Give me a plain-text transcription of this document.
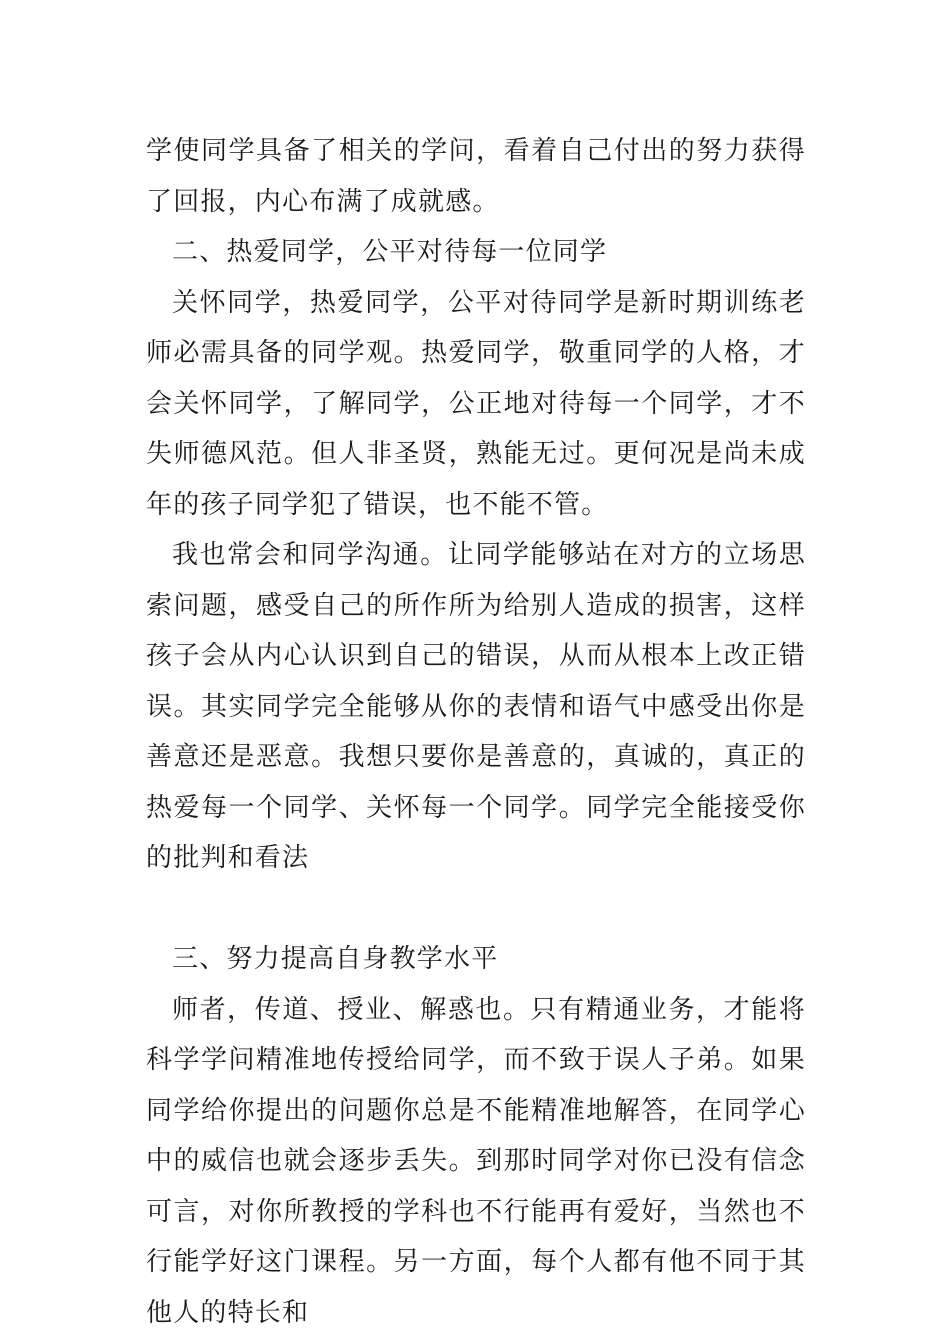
学使同学具备了相关的学问，看着自己付出的努力获得了回报，内心布满了成就感。

二、热爱同学，公平对待每一位同学

关怀同学，热爱同学，公平对待同学是新时期训练老师必需具备的同学观。热爱同学，敬重同学的人格，才会关怀同学，了解同学，公正地对待每一个同学，才不失师德风范。但人非圣贤，熟能无过。更何况是尚未成年的孩子同学犯了错误，也不能不管。

我也常会和同学沟通。让同学能够站在对方的立场思索问题，感受自己的所作所为给别人造成的损害，这样孩子会从内心认识到自己的错误，从而从根本上改正错误。其实同学完全能够从你的表情和语气中感受出你是善意还是恶意。我想只要你是善意的，真诚的，真正的热爱每一个同学、关怀每一个同学。同学完全能接受你的批判和看法

三、努力提高自身教学水平

师者，传道、授业、解惑也。只有精通业务，才能将科学学问精准地传授给同学，而不致于误人子弟。如果同学给你提出的问题你总是不能精准地解答，在同学心中的威信也就会逐步丢失。到那时同学对你已没有信念可言，对你所教授的学科也不行能再有爱好，当然也不行能学好这门课程。另一方面，每个人都有他不同于其他人的特长和
